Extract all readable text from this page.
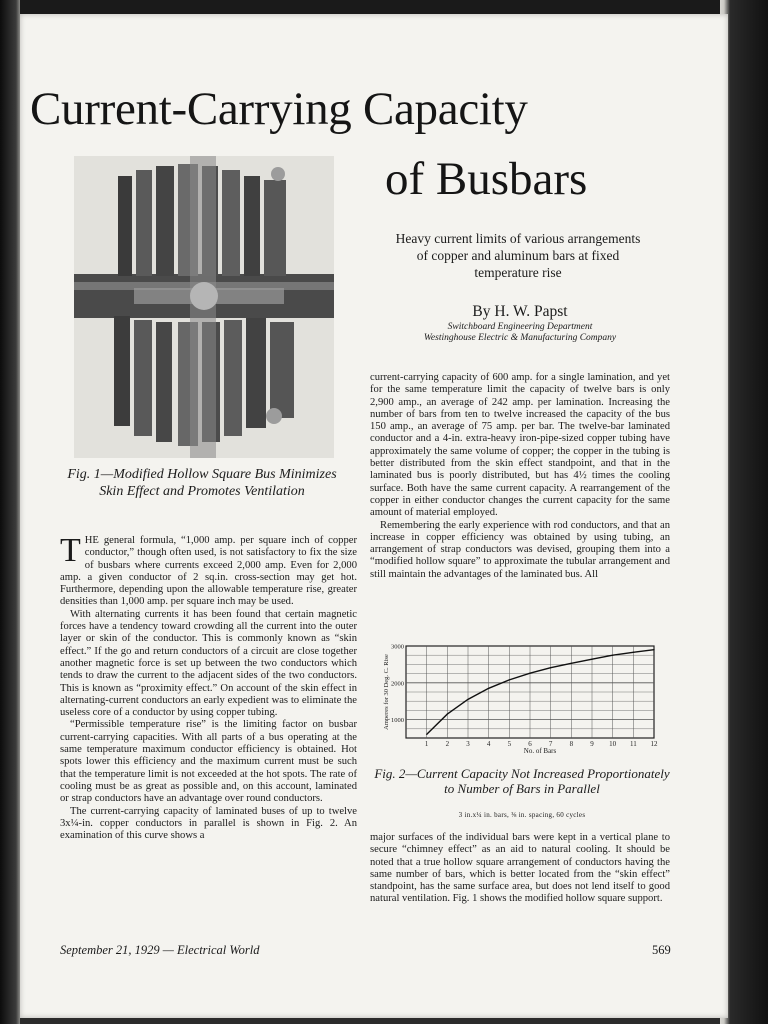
Current-Carrying Capacity
of Busbars
Heavy current limits of various arrangements of copper and aluminum bars at fixed temperature rise
By H. W. Papst
Switchboard Engineering Department
Westinghouse Electric & Manufacturing Company
Fig. 1—Modified Hollow Square Bus Minimizes Skin Effect and Promotes Ventilation

THE general formula, “1,000 amp. per square inch of copper conductor,” though often used, is not satisfactory to fix the size of busbars where currents exceed 2,000 amp. Even for 2,000 amp. a given conductor of 2 sq.in. cross-section may get hot. Furthermore, depending upon the allowable temperature rise, greater densities than 1,000 amp. per square inch may be used.

With alternating currents it has been found that certain magnetic forces have a tendency toward crowding all the current into the outer layer or skin of the conductor. This is commonly known as “skin effect.” If the go and return conductors of a circuit are close together another magnetic force is set up between the two conductors which tends to draw the current to the adjacent sides of the two conductors. This is known as “proximity effect.” On account of the skin effect in alternating-current conductors an early expedient was to eliminate the useless core of a conductor by using copper tubing.

“Permissible temperature rise” is the limiting factor on busbar current-carrying capacities. With all parts of a bus operating at the same temperature maximum conductor efficiency is obtained. Hot spots lower this efficiency and the maximum current must be such that the temperature limit is not exceeded at the hot spots. The rate of cooling must be as great as possible and, on this account, laminated or strap conductors have an advantage over round conductors.

The current-carrying capacity of laminated buses of up to twelve 3x¼-in. copper conductors in parallel is shown in Fig. 2. An examination of this curve shows a

current-carrying capacity of 600 amp. for a single lamination, and yet for the same temperature limit the capacity of twelve bars is only 2,900 amp., an average of 242 amp. per lamination. Increasing the number of bars from ten to twelve increased the capacity of the bus 150 amp., an average of 75 amp. per bar. The twelve-bar laminated conductor and a 4-in. extra-heavy iron-pipe-sized copper tubing have approximately the same volume of copper; the copper in the tubing is better distributed from the skin effect standpoint, and that in the laminated bus is poorly distributed, but has 4½ times the cooling surface. Both have the same current capacity. A rearrangement of the copper in either conductor changes the current capacity for the same amount of material employed.

Remembering the early experience with rod conductors, and that an increase in copper efficiency was obtained by using tubing, an arrangement of strap conductors was devised, grouping them into a “modified hollow square” to approximate the tubular arrangement and still maintain the advantages of the laminated bus. All

1 2 3 4 5 6 7 8 9 10 11 12
1000
2000
3000
No. of Bars
Amperes for 30 Deg. C. Rise
Fig. 2—Current Capacity Not Increased Proportionately to Number of Bars in Parallel
3 in.x¼ in. bars, ⅜ in. spacing, 60 cycles

major surfaces of the individual bars were kept in a vertical plane to secure “chimney effect” as an aid to natural cooling. It should be noted that a true hollow square arrangement of conductors having the same number of bars, which is better located from the “skin effect” standpoint, has the same surface area, but does not lend itself to good natural ventilation. Fig. 1 shows the modified hollow square support.

September 21, 1929 — Electrical World	569
